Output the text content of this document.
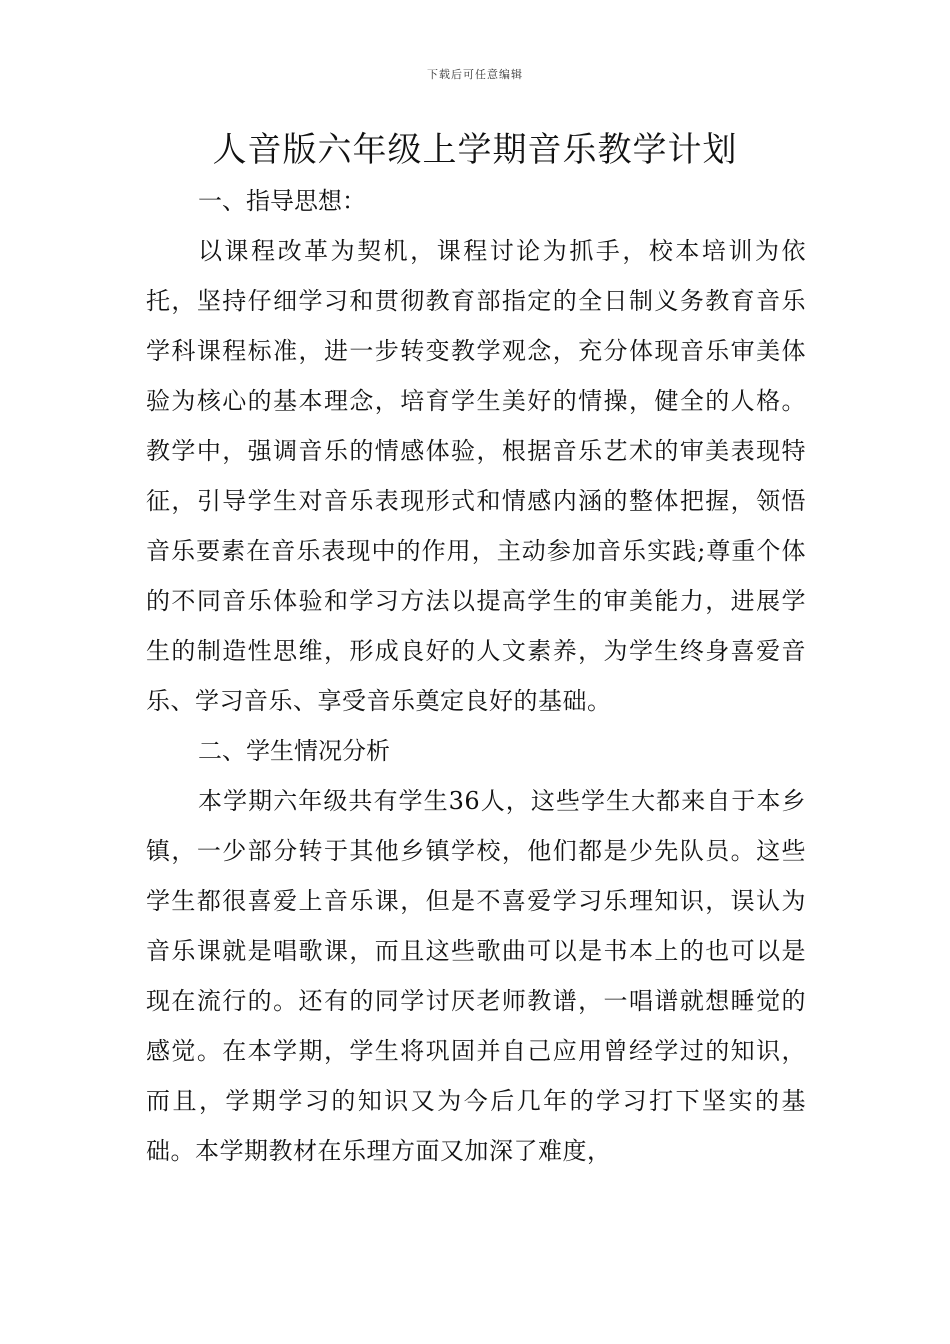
下载后可任意编辑
人音版六年级上学期音乐教学计划

一、指导思想：

以课程改革为契机，课程讨论为抓手，校本培训为依托，坚持仔细学习和贯彻教育部指定的全日制义务教育音乐学科课程标准，进一步转变教学观念，充分体现音乐审美体验为核心的基本理念，培育学生美好的情操，健全的人格。教学中，强调音乐的情感体验，根据音乐艺术的审美表现特征，引导学生对音乐表现形式和情感内涵的整体把握，领悟音乐要素在音乐表现中的作用，主动参加音乐实践;尊重个体的不同音乐体验和学习方法以提高学生的审美能力，进展学生的制造性思维，形成良好的人文素养，为学生终身喜爱音乐、学习音乐、享受音乐奠定良好的基础。

二、学生情况分析

本学期六年级共有学生36人，这些学生大都来自于本乡镇，一少部分转于其他乡镇学校，他们都是少先队员。这些学生都很喜爱上音乐课，但是不喜爱学习乐理知识，误认为音乐课就是唱歌课，而且这些歌曲可以是书本上的也可以是现在流行的。还有的同学讨厌老师教谱，一唱谱就想睡觉的感觉。在本学期，学生将巩固并自己应用曾经学过的知识，而且，学期学习的知识又为今后几年的学习打下坚实的基础。本学期教材在乐理方面又加深了难度，
